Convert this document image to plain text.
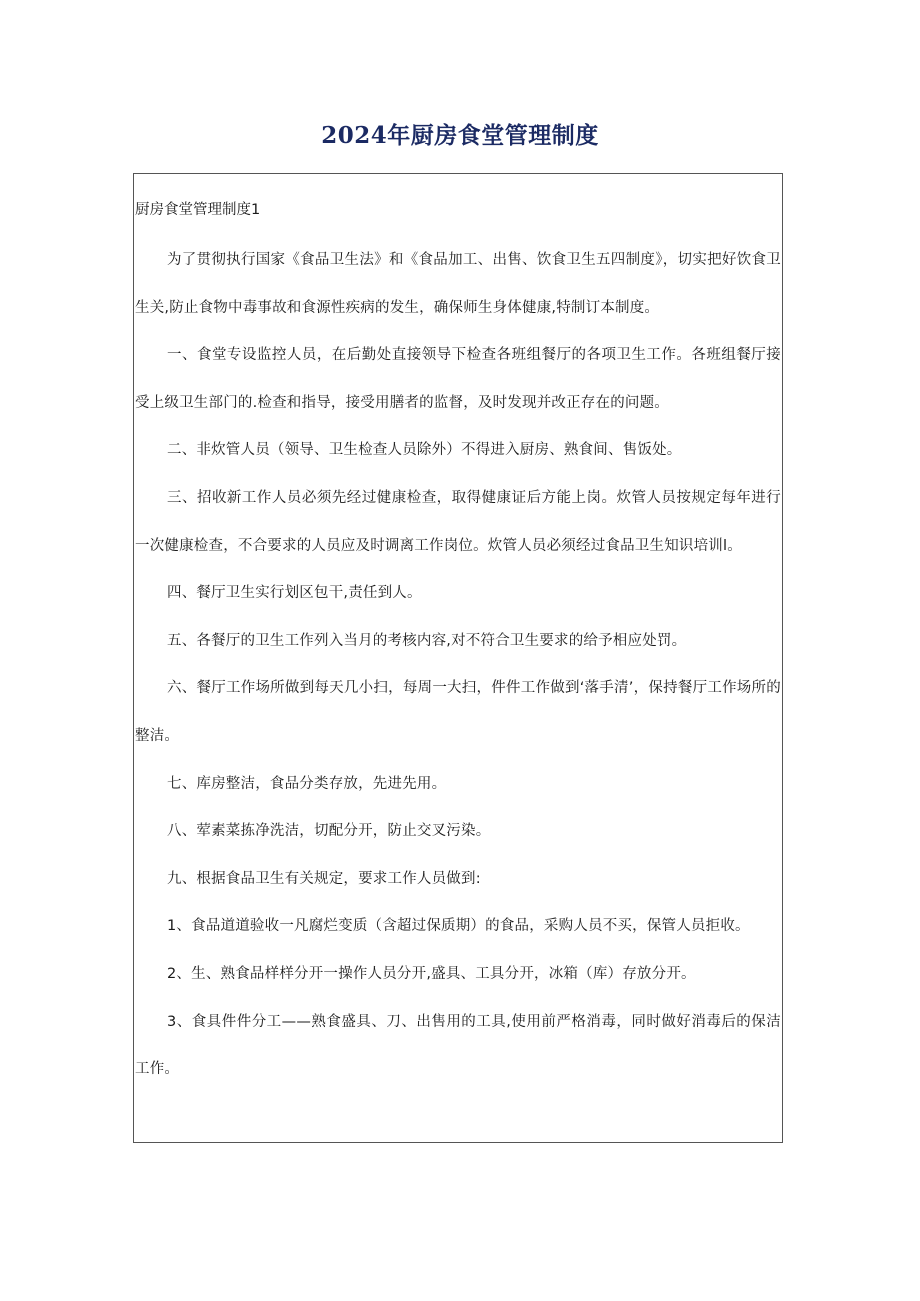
2024年厨房食堂管理制度
厨房食堂管理制度1

为了贯彻执行国家《食品卫生法》和《食品加工、出售、饮食卫生五四制度》，切实把好饮食卫生关,防止食物中毒事故和食源性疾病的发生，确保师生身体健康,特制订本制度。

一、食堂专设监控人员，在后勤处直接领导下检查各班组餐厅的各项卫生工作。各班组餐厅接受上级卫生部门的.检查和指导，接受用膳者的监督，及时发现并改正存在的问题。

二、非炊管人员（领导、卫生检查人员除外）不得进入厨房、熟食间、售饭处。

三、招收新工作人员必须先经过健康检查，取得健康证后方能上岗。炊管人员按规定每年进行一次健康检查，不合要求的人员应及时调离工作岗位。炊管人员必须经过食品卫生知识培训l。

四、餐厅卫生实行划区包干,责任到人。

五、各餐厅的卫生工作列入当月的考核内容,对不符合卫生要求的给予相应处罚。

六、餐厅工作场所做到每天几小扫，每周一大扫，件件工作做到‘落手清’，保持餐厅工作场所的整洁。

七、库房整洁，食品分类存放，先进先用。

八、荤素菜拣净洗洁，切配分开，防止交叉污染。

九、根据食品卫生有关规定，要求工作人员做到:

1、食品道道验收一凡腐烂变质（含超过保质期）的食品，采购人员不买，保管人员拒收。

2、生、熟食品样样分开一操作人员分开,盛具、工具分开，冰箱（库）存放分开。

3、食具件件分工——熟食盛具、刀、出售用的工具,使用前严格消毒，同时做好消毒后的保洁工作。
